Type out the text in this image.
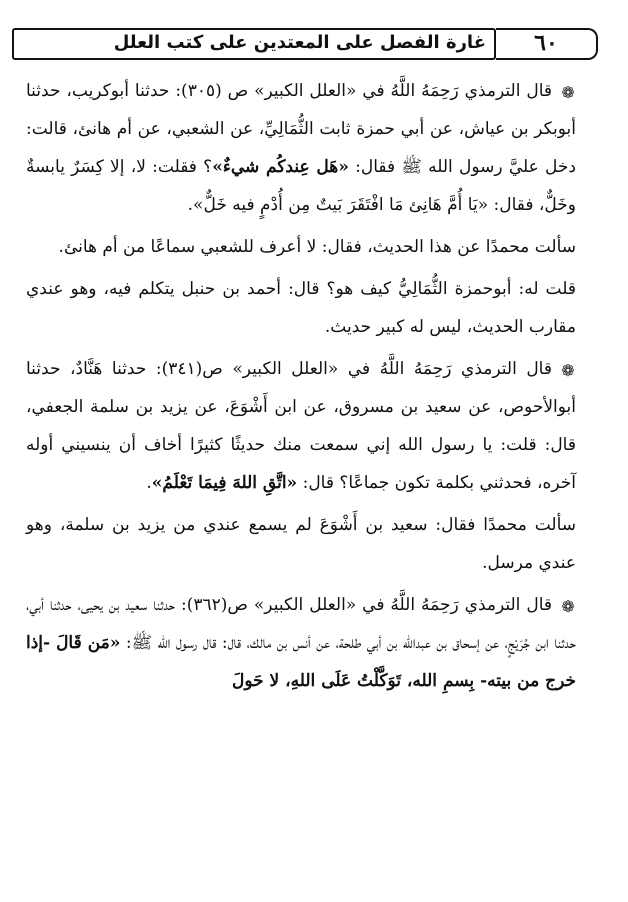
غارة الفصل على المعتدين على كتب العلل	٦٠

❁قال الترمذي رَحِمَهُ اللَّهُ في «العلل الكبير» ص (٣٠٥): حدثنا أبوكريب، حدثنا أبوبكر بن عياش، عن أبي حمزة ثابت الثُّمَالِيِّ، عن الشعبي، عن أم هانئ، قالت: دخل عليَّ رسول الله ﷺ فقال: «هَل عِندكُم شيءٌ»؟ فقلت: لا، إلا كِسَرٌ يابسةٌ وخَلٌّ، فقال: «يَا أُمَّ هَانِئ مَا افْتَقَرَ بَيتٌ مِن أُدْمٍ فيه خَلٌّ».

سألت محمدًا عن هذا الحديث، فقال: لا أعرف للشعبي سماعًا من أم هانئ.

قلت له: أبوحمزة الثُّمَالِيُّ كيف هو؟ قال: أحمد بن حنبل يتكلم فيه، وهو عندي مقارب الحديث، ليس له كبير حديث.

❁قال الترمذي رَحِمَهُ اللَّهُ في «العلل الكبير» ص(٣٤١): حدثنا هَنَّادٌ، حدثنا أبوالأحوص، عن سعيد بن مسروق، عن ابن أَشْوَعَ، عن يزيد بن سلمة الجعفي، قال: قلت: يا رسول الله إني سمعت منك حديثًا كثيرًا أخاف أن ينسيني أوله آخره، فحدثني بكلمة تكون جماعًا؟ قال: «اتَّقِ اللهَ فِيمَا تَعْلَمُ».

سألت محمدًا فقال: سعيد بن أَشْوَعَ لم يسمع عندي من يزيد بن سلمة، وهو عندي مرسل.

❁قال الترمذي رَحِمَهُ اللَّهُ في «العلل الكبير» ص(٣٦٢): حدثنا سعيد بن يحيى، حدثنا أبي، حدثنا ابن جُرَيْجٍ، عن إسحاق بن عبدالله بن أبي طلحة، عن أنس بن مالك، قال: قال رسول الله ﷺ: «مَن قَالَ -إذا خرج من بيته- بِسمِ الله، تَوَكَّلْتُ عَلَى اللهِ، لا حَولَ
